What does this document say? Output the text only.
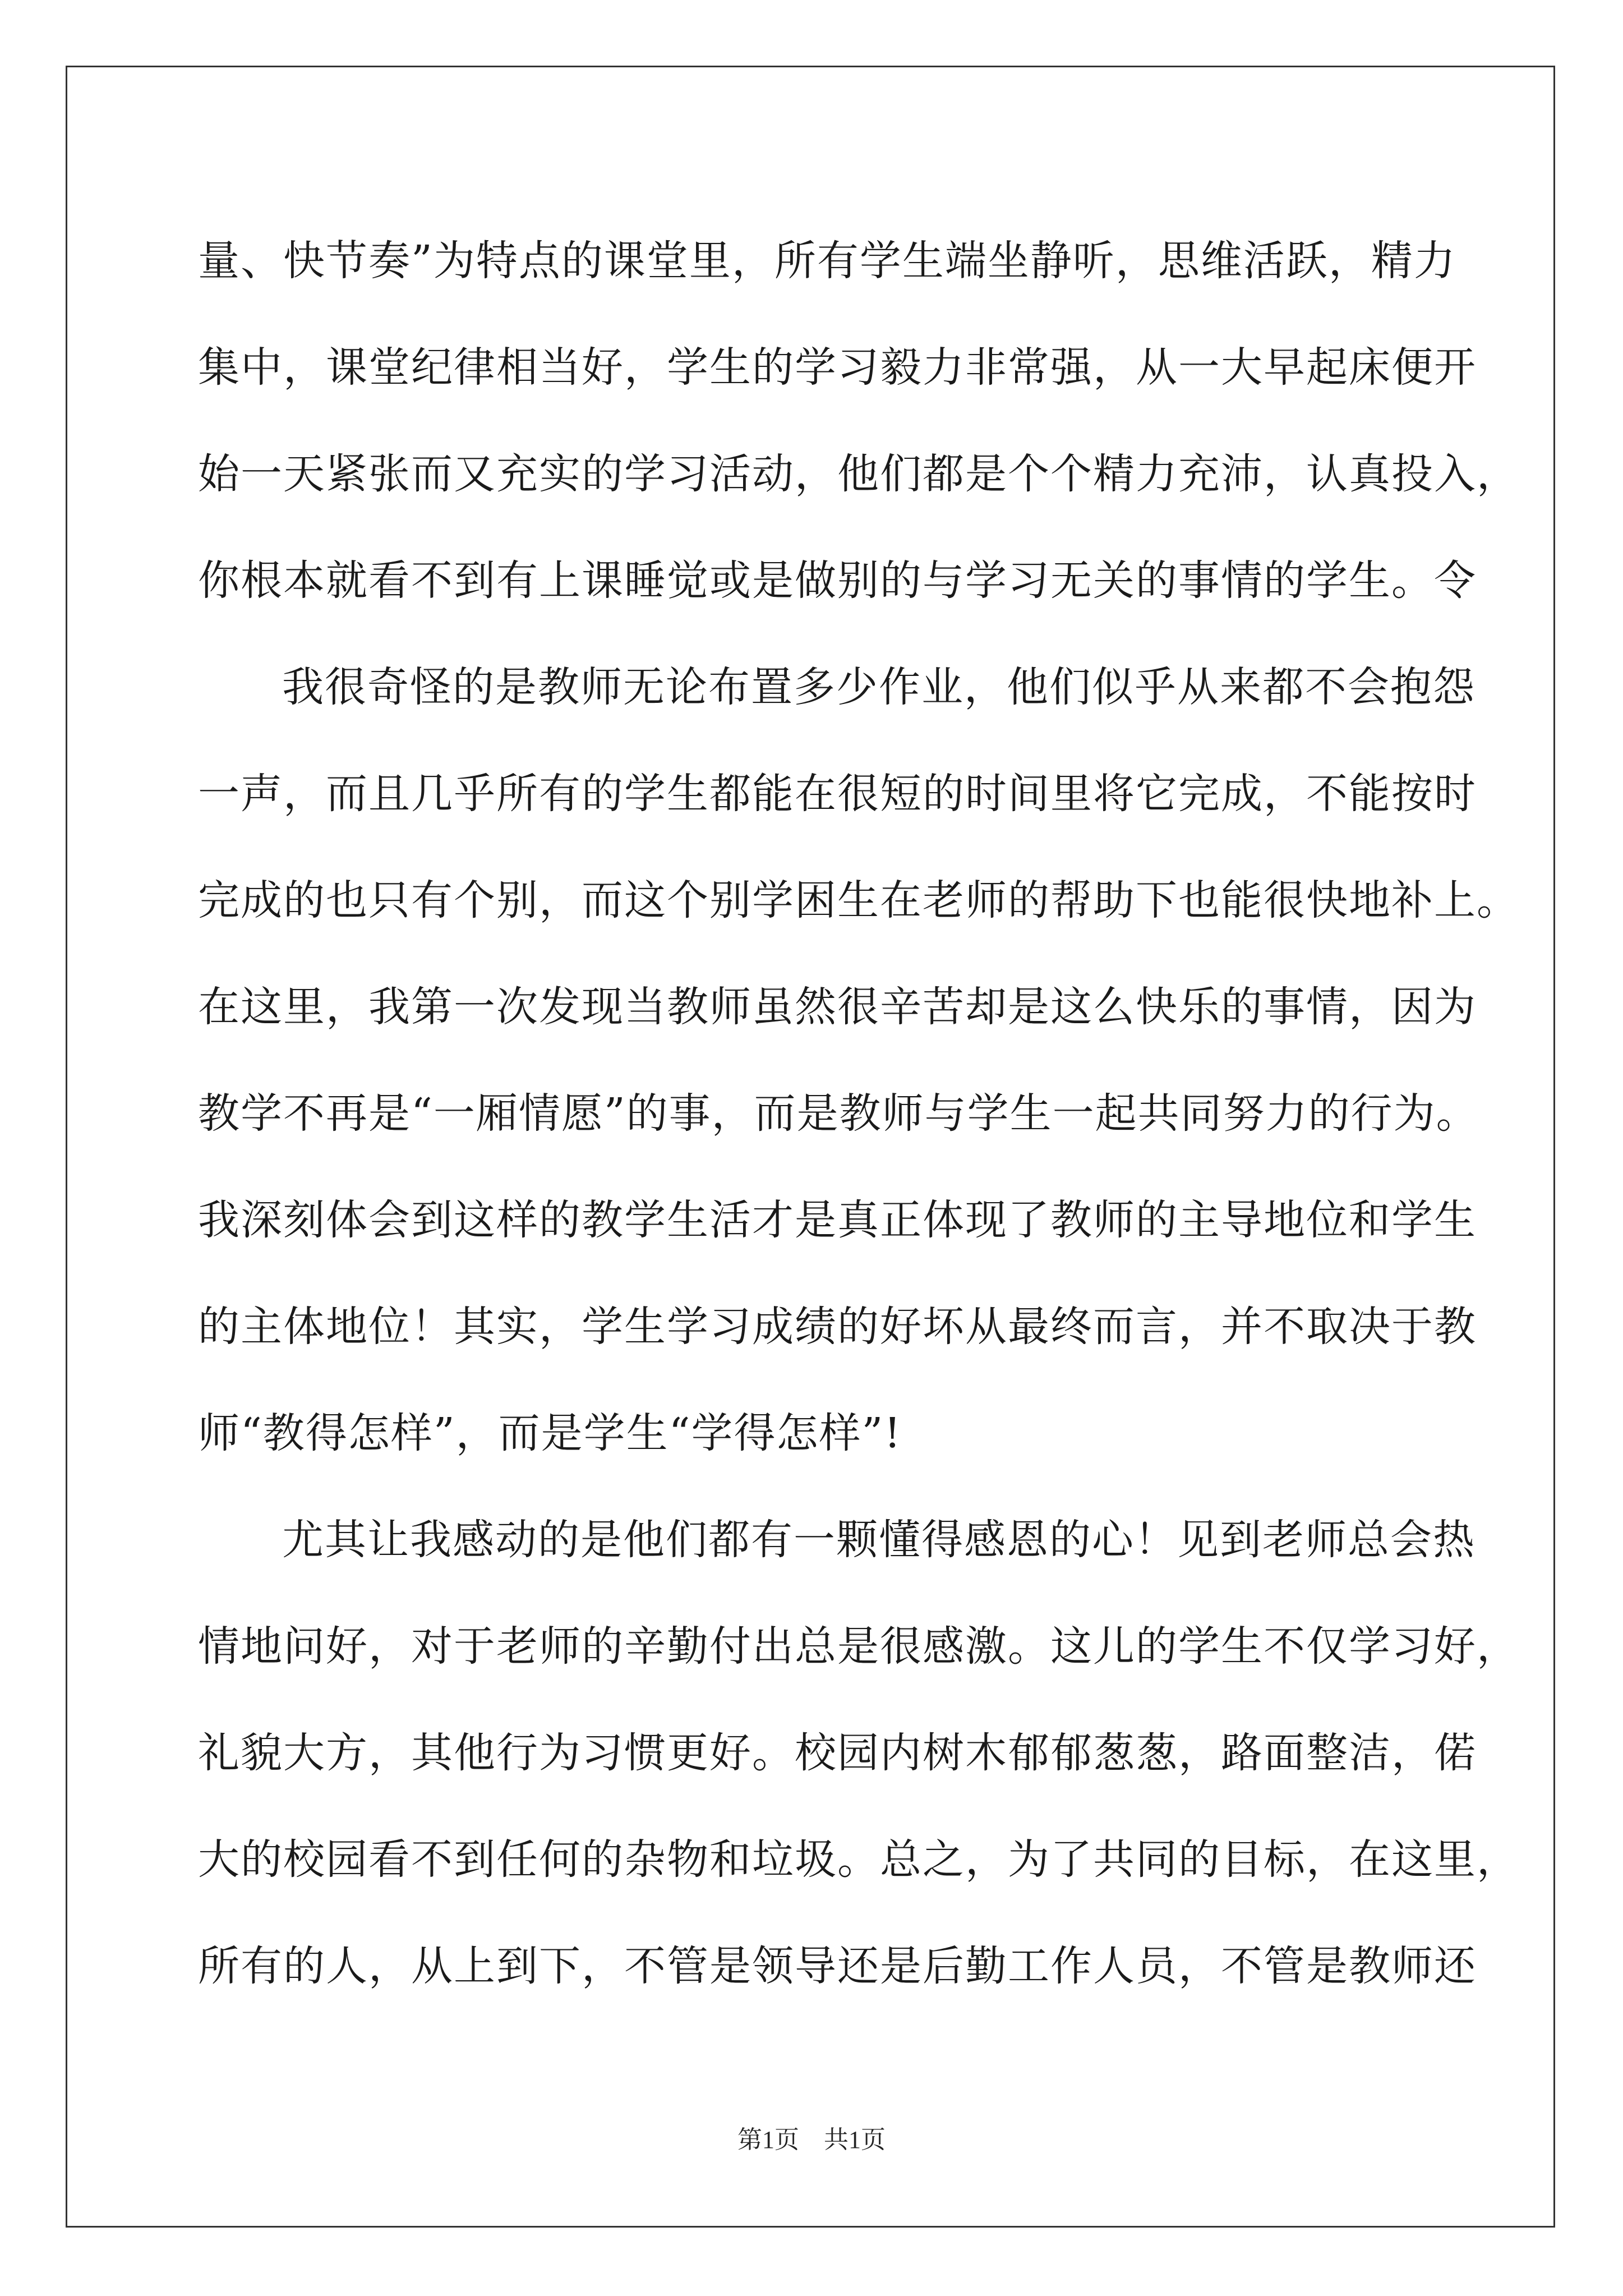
量、快节奏”为特点的课堂里，所有学生端坐静听，思维活跃，精力
集中，课堂纪律相当好，学生的学习毅力非常强，从一大早起床便开
始一天紧张而又充实的学习活动，他们都是个个精力充沛，认真投入，
你根本就看不到有上课睡觉或是做别的与学习无关的事情的学生。令
我很奇怪的是教师无论布置多少作业，他们似乎从来都不会抱怨
一声，而且几乎所有的学生都能在很短的时间里将它完成，不能按时
完成的也只有个别，而这个别学困生在老师的帮助下也能很快地补上。
在这里，我第一次发现当教师虽然很辛苦却是这么快乐的事情，因为
教学不再是“一厢情愿”的事，而是教师与学生一起共同努力的行为。
我深刻体会到这样的教学生活才是真正体现了教师的主导地位和学生
的主体地位！其实，学生学习成绩的好坏从最终而言，并不取决于教
师“教得怎样”，而是学生“学得怎样”!
尤其让我感动的是他们都有一颗懂得感恩的心！见到老师总会热
情地问好，对于老师的辛勤付出总是很感激。这儿的学生不仅学习好，
礼貌大方，其他行为习惯更好。校园内树木郁郁葱葱，路面整洁，偌
大的校园看不到任何的杂物和垃圾。总之，为了共同的目标，在这里，
所有的人，从上到下，不管是领导还是后勤工作人员，不管是教师还
第1页　共1页
